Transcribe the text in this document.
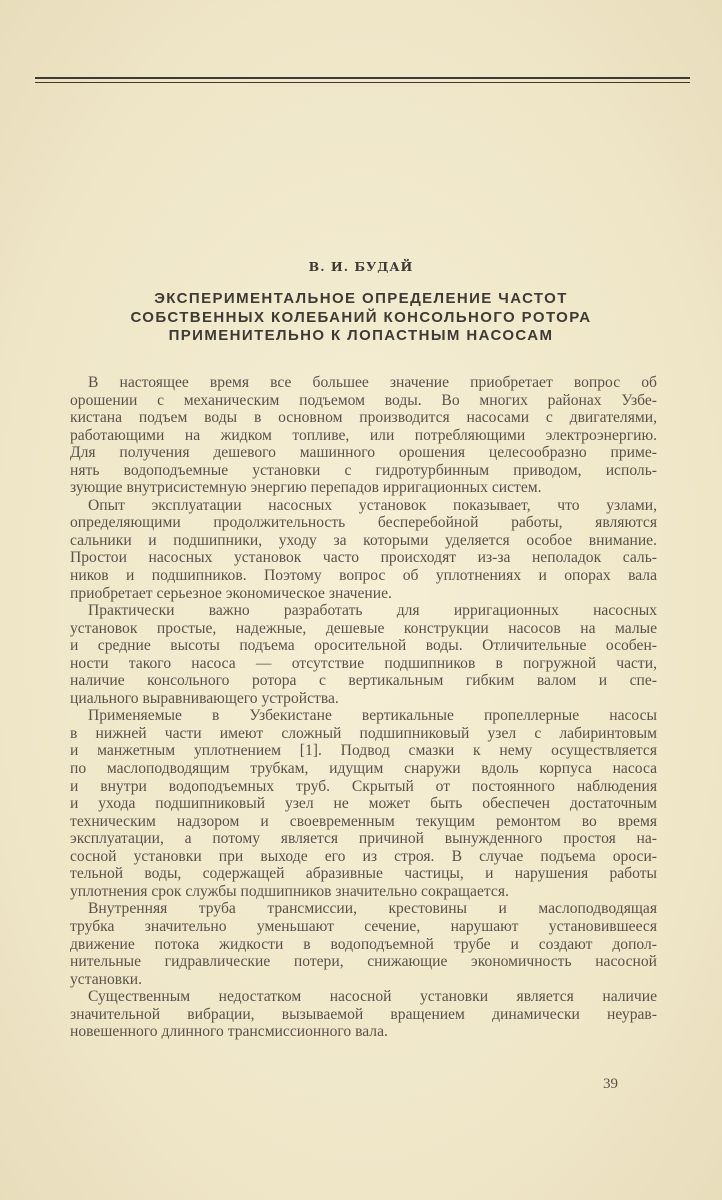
В. И. БУДАЙ
ЭКСПЕРИМЕНТАЛЬНОЕ ОПРЕДЕЛЕНИЕ ЧАСТОТ
СОБСТВЕННЫХ КОЛЕБАНИЙ КОНСОЛЬНОГО РОТОРА
ПРИМЕНИТЕЛЬНО К ЛОПАСТНЫМ НАСОСАМ
В настоящее время все большее значение приобретает вопрос об
орошении с механическим подъемом воды. Во многих районах Узбе-
кистана подъем воды в основном производится насосами с двигателями,
работающими на жидком топливе, или потребляющими электроэнергию.
Для получения дешевого машинного орошения целесообразно приме-
нять водоподъемные установки с гидротурбинным приводом, исполь-
зующие внутрисистемную энергию перепадов ирригационных систем.
Опыт эксплуатации насосных установок показывает, что узлами,
определяющими продолжительность бесперебойной работы, являются
сальники и подшипники, уходу за которыми уделяется особое внимание.
Простои насосных установок часто происходят из-за неполадок саль-
ников и подшипников. Поэтому вопрос об уплотнениях и опорах вала
приобретает серьезное экономическое значение.
Практически важно разработать для ирригационных насосных
установок простые, надежные, дешевые конструкции насосов на малые
и средние высоты подъема оросительной воды. Отличительные особен-
ности такого насоса — отсутствие подшипников в погружной части,
наличие консольного ротора с вертикальным гибким валом и спе-
циального выравнивающего устройства.
Применяемые в Узбекистане вертикальные пропеллерные насосы
в нижней части имеют сложный подшипниковый узел с лабиринтовым
и манжетным уплотнением [1]. Подвод смазки к нему осуществляется
по маслоподводящим трубкам, идущим снаружи вдоль корпуса насоса
и внутри водоподъемных труб. Скрытый от постоянного наблюдения
и ухода подшипниковый узел не может быть обеспечен достаточным
техническим надзором и своевременным текущим ремонтом во время
эксплуатации, а потому является причиной вынужденного простоя на-
сосной установки при выходе его из строя. В случае подъема ороси-
тельной воды, содержащей абразивные частицы, и нарушения работы
уплотнения срок службы подшипников значительно сокращается.
Внутренняя труба трансмиссии, крестовины и маслоподводящая
трубка значительно уменьшают сечение, нарушают установившееся
движение потока жидкости в водоподъемной трубе и создают допол-
нительные гидравлические потери, снижающие экономичность насосной
установки.
Существенным недостатком насосной установки является наличие
значительной вибрации, вызываемой вращением динамически неурав-
новешенного длинного трансмиссионного вала.
39
